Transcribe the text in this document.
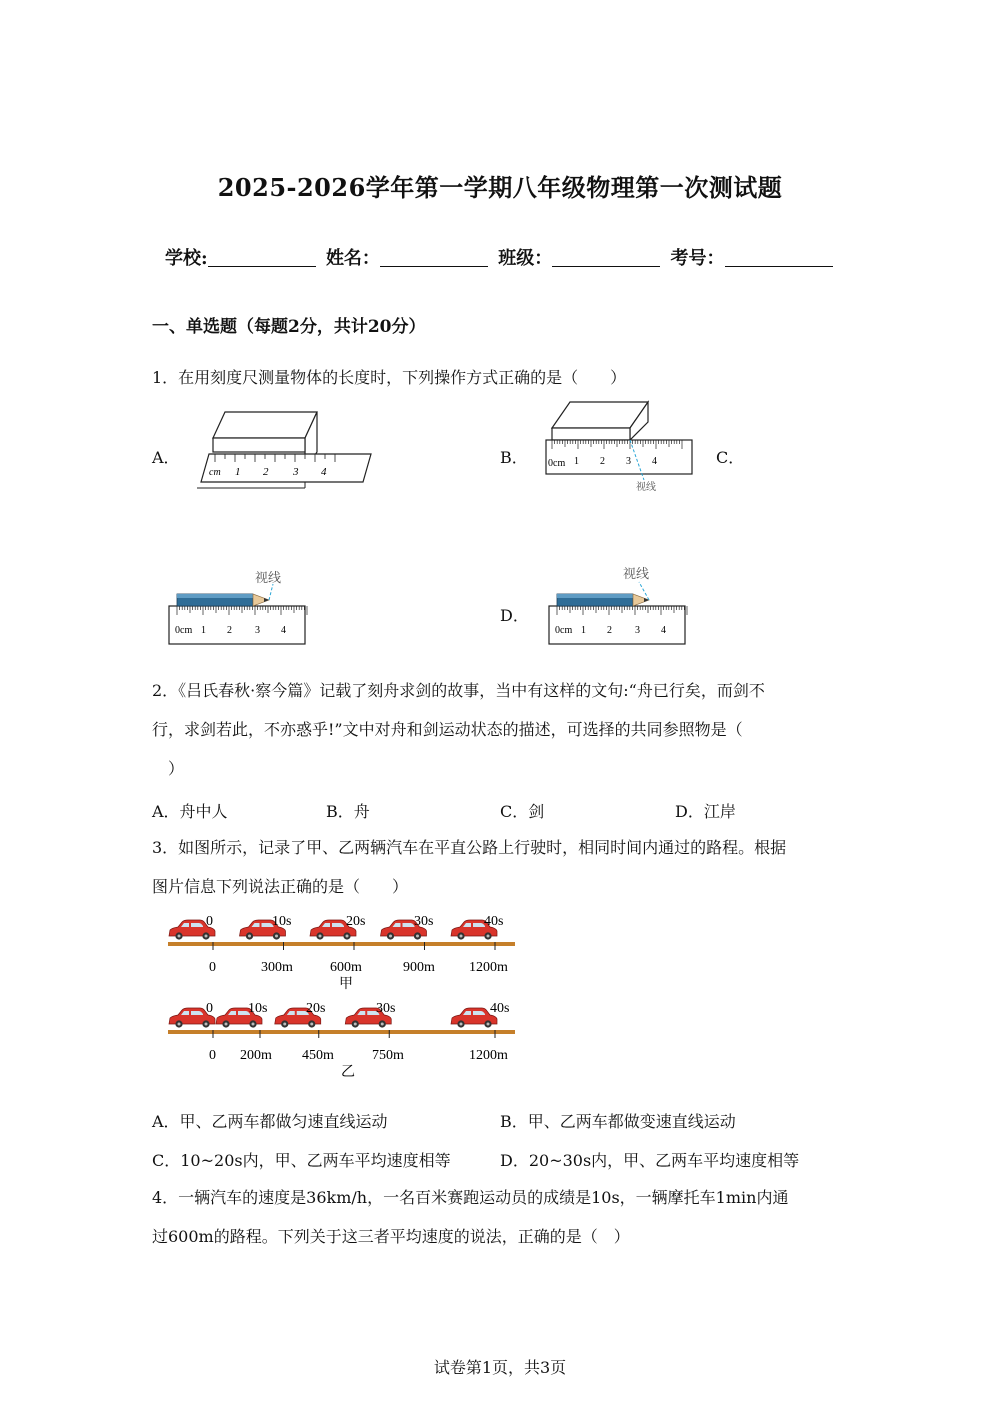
2025-2026学年第一学期八年级物理第一次测试题
学校:	姓名：	班级：	考号：
一、单选题（每题2分，共计20分）
1．在用刻度尺测量物体的长度时，下列操作方式正确的是（　　）
A．
cm 1 2 3 4
B． 0cm 1 2 3 4
视线
C．
视线
0cm 1 2 3 4
D．
视线
0cm 1 2 3 4
2．《吕氏春秋·察今篇》记载了刻舟求剑的故事，当中有这样的文句:“舟已行矣，而剑不
行，求剑若此，不亦惑乎!”文中对舟和剑运动状态的描述，可选择的共同参照物是（
）
A．舟中人	B．舟	C．剑	D．江岸
3．如图所示，记录了甲、乙两辆汽车在平直公路上行驶时，相同时间内通过的路程。根据
图片信息下列说法正确的是（　　）
0	10s	20s	30s	40s
0	300m	600m	900m 1200m
甲
0	10s	20s	30s	40s
0 200m 450m	750m	1200m
乙
A．甲、乙两车都做匀速直线运动	B．甲、乙两车都做变速直线运动
C．10~20s内，甲、乙两车平均速度相等	D．20~30s内，甲、乙两车平均速度相等
4．一辆汽车的速度是36km/h，一名百米赛跑运动员的成绩是10s，一辆摩托车1min内通
过600m的路程。下列关于这三者平均速度的说法，正确的是（　）
试卷第1页，共3页
